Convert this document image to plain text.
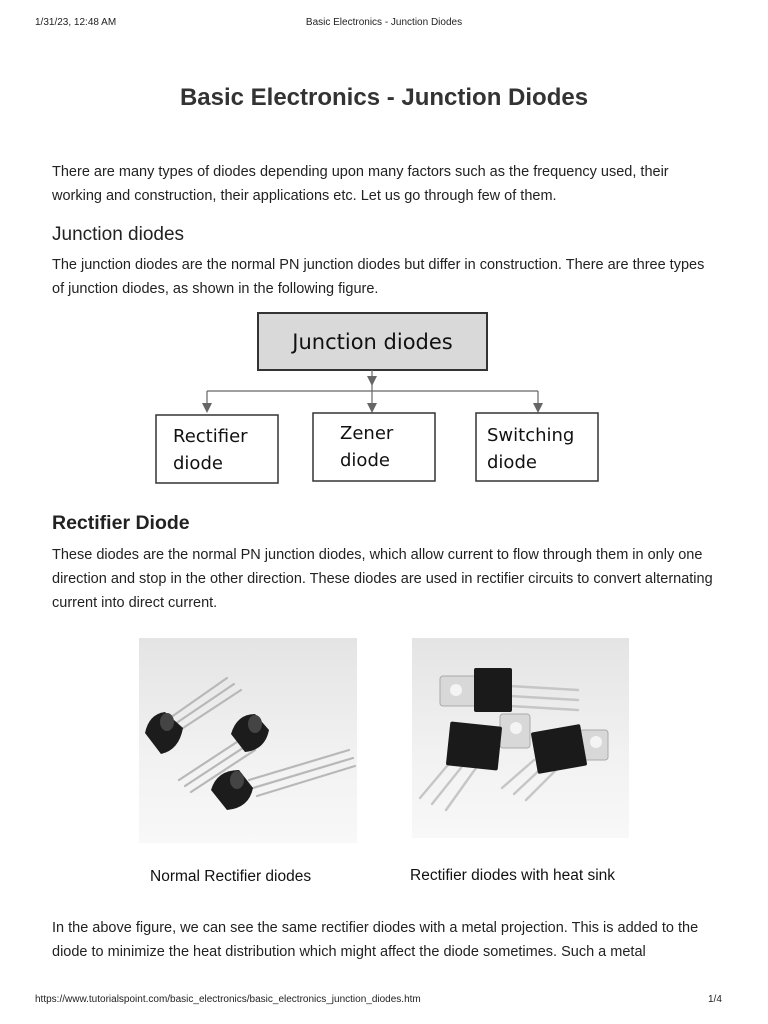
1/31/23, 12:48 AM	Basic Electronics - Junction Diodes
Basic Electronics - Junction Diodes

There are many types of diodes depending upon many factors such as the frequency used, their working and construction, their applications etc. Let us go through few of them.

Junction diodes

The junction diodes are the normal PN junction diodes but differ in construction. There are three types of junction diodes, as shown in the following figure.

Junction diodes
Rectifier
diode
Zener
diode
Switching
diode
Rectifier Diode

These diodes are the normal PN junction diodes, which allow current to flow through them in only one direction and stop in the other direction. These diodes are used in rectifier circuits to convert alternating current into direct current.

Normal Rectifier diodes	Rectifier diodes with heat sink

In the above figure, we can see the same rectifier diodes with a metal projection. This is added to the diode to minimize the heat distribution which might affect the diode sometimes. Such a metal

https://www.tutorialspoint.com/basic_electronics/basic_electronics_junction_diodes.htm	1/4
